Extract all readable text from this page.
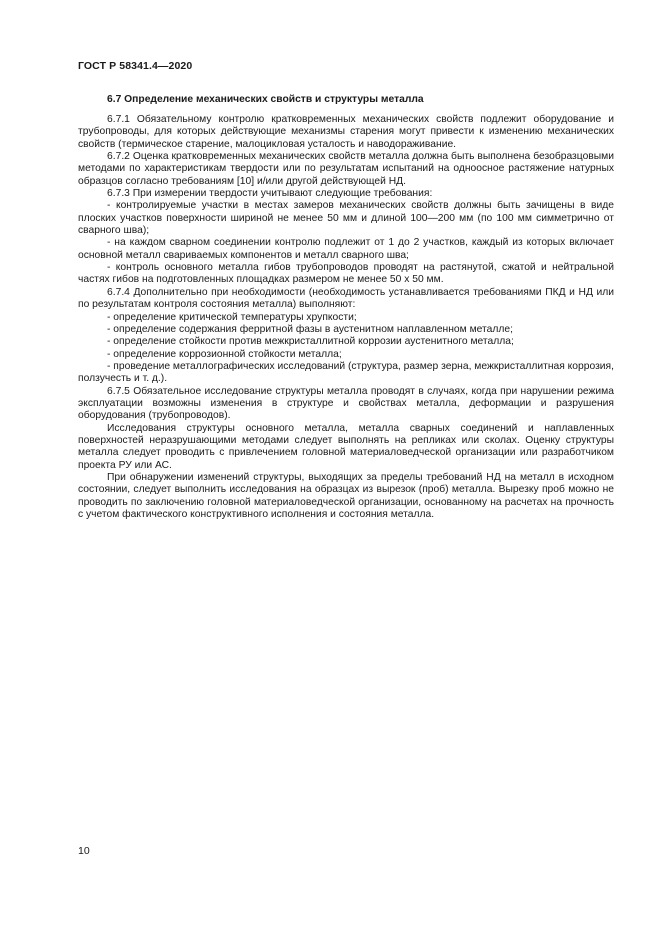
ГОСТ Р 58341.4—2020
6.7 Определение механических свойств и структуры металла

6.7.1 Обязательному контролю кратковременных механических свойств подлежит оборудование и трубопроводы, для которых действующие механизмы старения могут привести к изменению механических свойств (термическое старение, малоцикловая усталость и наводораживание.

6.7.2 Оценка кратковременных механических свойств металла должна быть выполнена безобразцовыми методами по характеристикам твердости или по результатам испытаний на одноосное растяжение натурных образцов согласно требованиям [10] и/или другой действующей НД.

6.7.3 При измерении твердости учитывают следующие требования:

- контролируемые участки в местах замеров механических свойств должны быть зачищены в виде плоских участков поверхности шириной не менее 50 мм и длиной 100—200 мм (по 100 мм симметрично от сварного шва);

- на каждом сварном соединении контролю подлежит от 1 до 2 участков, каждый из которых включает основной металл свариваемых компонентов и металл сварного шва;

- контроль основного металла гибов трубопроводов проводят на растянутой, сжатой и нейтральной частях гибов на подготовленных площадках размером не менее 50 х 50 мм.

6.7.4 Дополнительно при необходимости (необходимость устанавливается требованиями ПКД и НД или по результатам контроля состояния металла) выполняют:

- определение критической температуры хрупкости;

- определение содержания ферритной фазы в аустенитном наплавленном металле;

- определение стойкости против межкристаллитной коррозии аустенитного металла;

- определение коррозионной стойкости металла;

- проведение металлографических исследований (структура, размер зерна, межкристаллитная коррозия, ползучесть и т. д.).

6.7.5 Обязательное исследование структуры металла проводят в случаях, когда при нарушении режима эксплуатации возможны изменения в структуре и свойствах металла, деформации и разрушения оборудования (трубопроводов).

Исследования структуры основного металла, металла сварных соединений и наплавленных поверхностей неразрушающими методами следует выполнять на репликах или сколах. Оценку структуры металла следует проводить с привлечением головной материаловедческой организации или разработчиком проекта РУ или АС.

При обнаружении изменений структуры, выходящих за пределы требований НД на металл в исходном состоянии, следует выполнить исследования на образцах из вырезок (проб) металла. Вырезку проб можно не проводить по заключению головной материаловедческой организации, основанному на расчетах на прочность с учетом фактического конструктивного исполнения и состояния металла.

10
